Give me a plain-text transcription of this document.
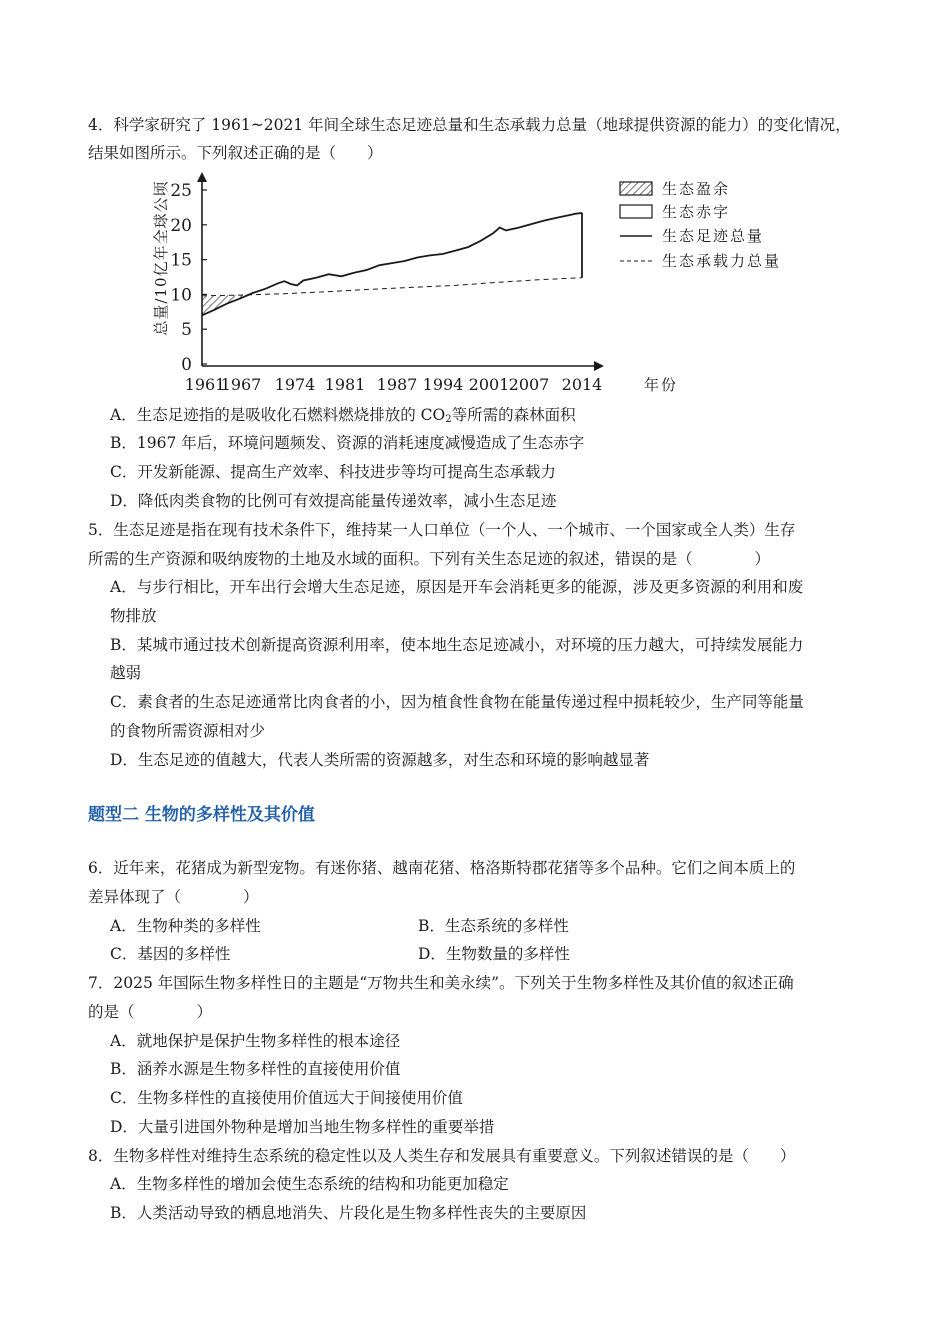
4．科学家研究了 1961~2021 年间全球生态足迹总量和生态承载力总量（地球提供资源的能力）的变化情况，
结果如图所示。下列叙述正确的是（　　）
总量/10亿年全球公顷
0
5
10
15
20
25
1961
1967 1974 1981 1987 1994 2001 2007 2014	年份
生态盈余
生态赤字
生态足迹总量
生态承载力总量
A．生态足迹指的是吸收化石燃料燃烧排放的 $CO_2$等所需的森林面积
B．1967 年后，环境问题频发、资源的消耗速度减慢造成了生态赤字
C．开发新能源、提高生产效率、科技进步等均可提高生态承载力
D．降低肉类食物的比例可有效提高能量传递效率，减小生态足迹
5．生态足迹是指在现有技术条件下，维持某一人口单位（一个人、一个城市、一个国家或全人类）生存
所需的生产资源和吸纳废物的土地及水域的面积。下列有关生态足迹的叙述，错误的是（　　　　）
A．与步行相比，开车出行会增大生态足迹，原因是开车会消耗更多的能源，涉及更多资源的利用和废
物排放
B．某城市通过技术创新提高资源利用率，使本地生态足迹减小，对环境的压力越大，可持续发展能力
越弱
C．素食者的生态足迹通常比肉食者的小，因为植食性食物在能量传递过程中损耗较少，生产同等能量
的食物所需资源相对少
D．生态足迹的值越大，代表人类所需的资源越多，对生态和环境的影响越显著
题型二 生物的多样性及其价值
6．近年来，花猪成为新型宠物。有迷你猪、越南花猪、格洛斯特郡花猪等多个品种。它们之间本质上的
差异体现了（　　　　）
A．生物种类的多样性	B．生态系统的多样性
C．基因的多样性	D．生物数量的多样性
7．2025 年国际生物多样性日的主题是“万物共生和美永续”。下列关于生物多样性及其价值的叙述正确
的是（　　　　）
A．就地保护是保护生物多样性的根本途径
B．涵养水源是生物多样性的直接使用价值
C．生物多样性的直接使用价值远大于间接使用价值
D．大量引进国外物种是增加当地生物多样性的重要举措
8．生物多样性对维持生态系统的稳定性以及人类生存和发展具有重要意义。下列叙述错误的是（　　）
A．生物多样性的增加会使生态系统的结构和功能更加稳定
B．人类活动导致的栖息地消失、片段化是生物多样性丧失的主要原因
